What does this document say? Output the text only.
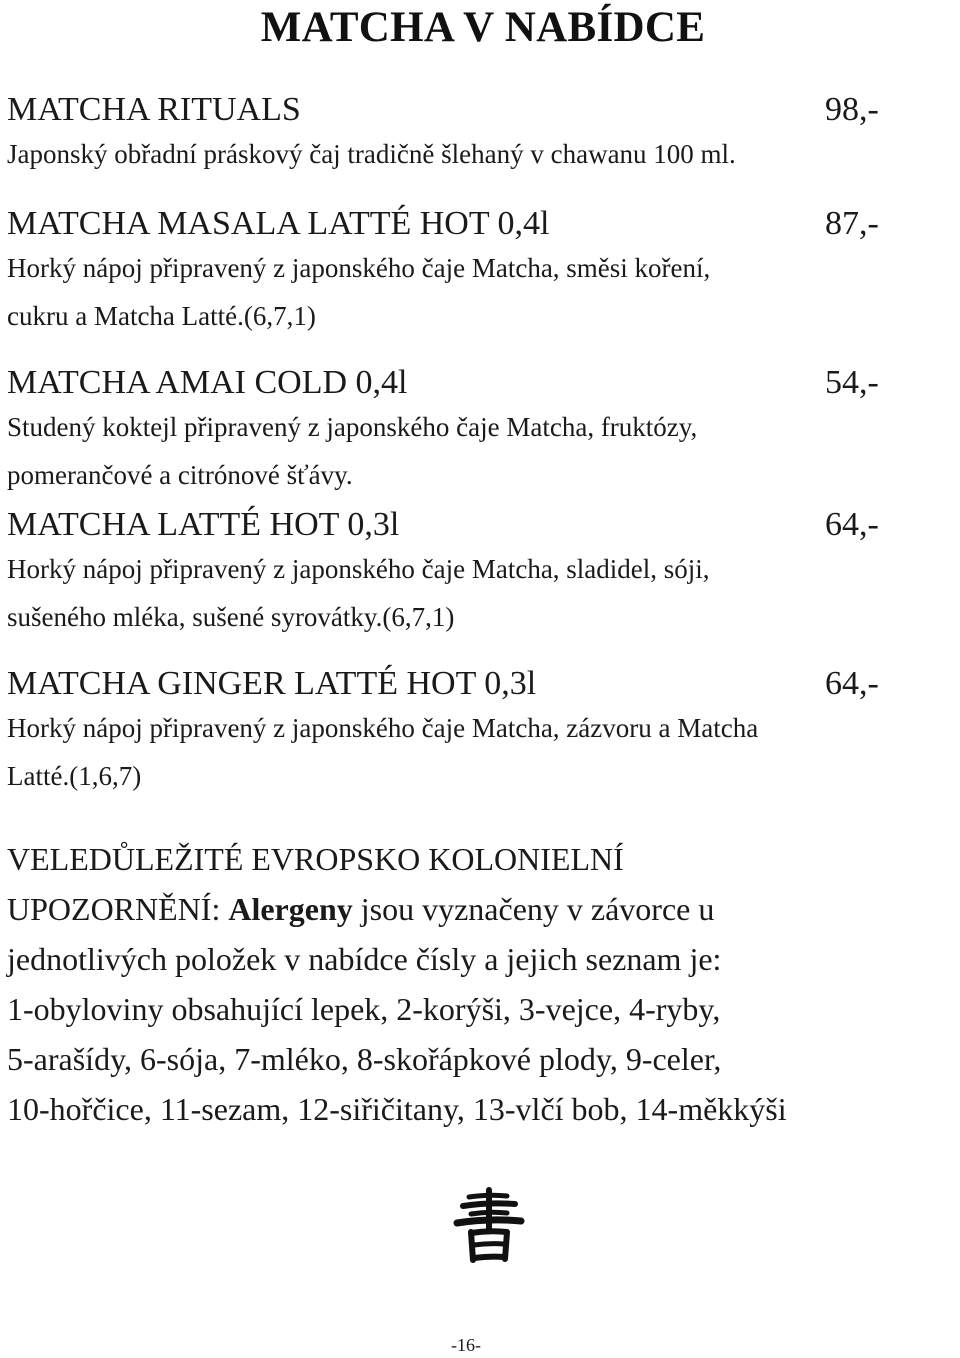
MATCHA V NABÍDCE
MATCHA RITUALS	98,-
Japonský obřadní práskový čaj tradičně šlehaný v chawanu 100 ml.
MATCHA MASALA LATTÉ HOT 0,4l	87,-
Horký nápoj připravený z japonského čaje Matcha, směsi koření,
cukru a Matcha Latté.(6,7,1)
MATCHA AMAI COLD 0,4l	54,-
Studený koktejl připravený z japonského čaje Matcha, fruktózy,
pomerančové a citrónové šťávy.
MATCHA LATTÉ HOT 0,3l	64,-
Horký nápoj připravený z japonského čaje Matcha, sladidel, sóji,
sušeného mléka, sušené syrovátky.(6,7,1)
MATCHA GINGER LATTÉ HOT 0,3l	64,-
Horký nápoj připravený z japonského čaje Matcha, zázvoru a Matcha
Latté.(1,6,7)
VELEDŮLEŽITÉ EVROPSKO KOLONIELNÍ
UPOZORNĚNÍ: Alergeny jsou vyznačeny v závorce u
jednotlivých položek v nabídce čísly a jejich seznam je:
1-obyloviny obsahující lepek, 2-korýši, 3-vejce, 4-ryby,
5-arašídy, 6-sója, 7-mléko, 8-skořápkové plody, 9-celer,
10-hořčice, 11-sezam, 12-siřičitany, 13-vlčí bob, 14-měkkýši
-16-
